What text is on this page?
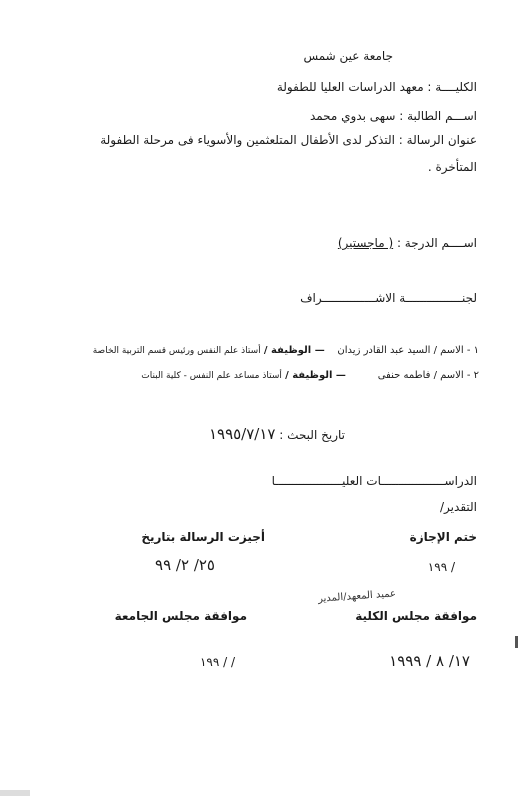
جامعة عين شمس
الكليــــة : معهد الدراسات العليا للطفولة
اســـم الطالبة : سهى بدوي محمد
عنوان الرسالة : التذكر لدى الأطفال المتلعثمين والأسوياء فى مرحلة الطفولة
المتأخرة .
اســــم الدرجة : ( ماجستير)
لجنــــــــــــــــة الاشـــــــــــــــراف
١ - الاسم / السيد عبد القادر زيدان    — الوظيفة / أستاذ علم النفس ورئيس قسم التربية الخاصة
٢ - الاسم / فاطمه حنفى          — الوظيفة / أستاذ مساعد علم النفس - كلية البنات
تاريخ البحث : ١٩٩٥/٧/١٧
الدراســــــــــــــــــات العليـــــــــــــــــــا
التقدير/
ختم الإجازة
أجيزت الرسالة بتاريخ
/ ١٩٩
٢٥/ ٢/ ٩٩
عميد المعهد/المدير
موافقة مجلس الكلية
موافقة مجلس الجامعة
١٧/ ٨ / ١٩٩٩
/ / ١٩٩
